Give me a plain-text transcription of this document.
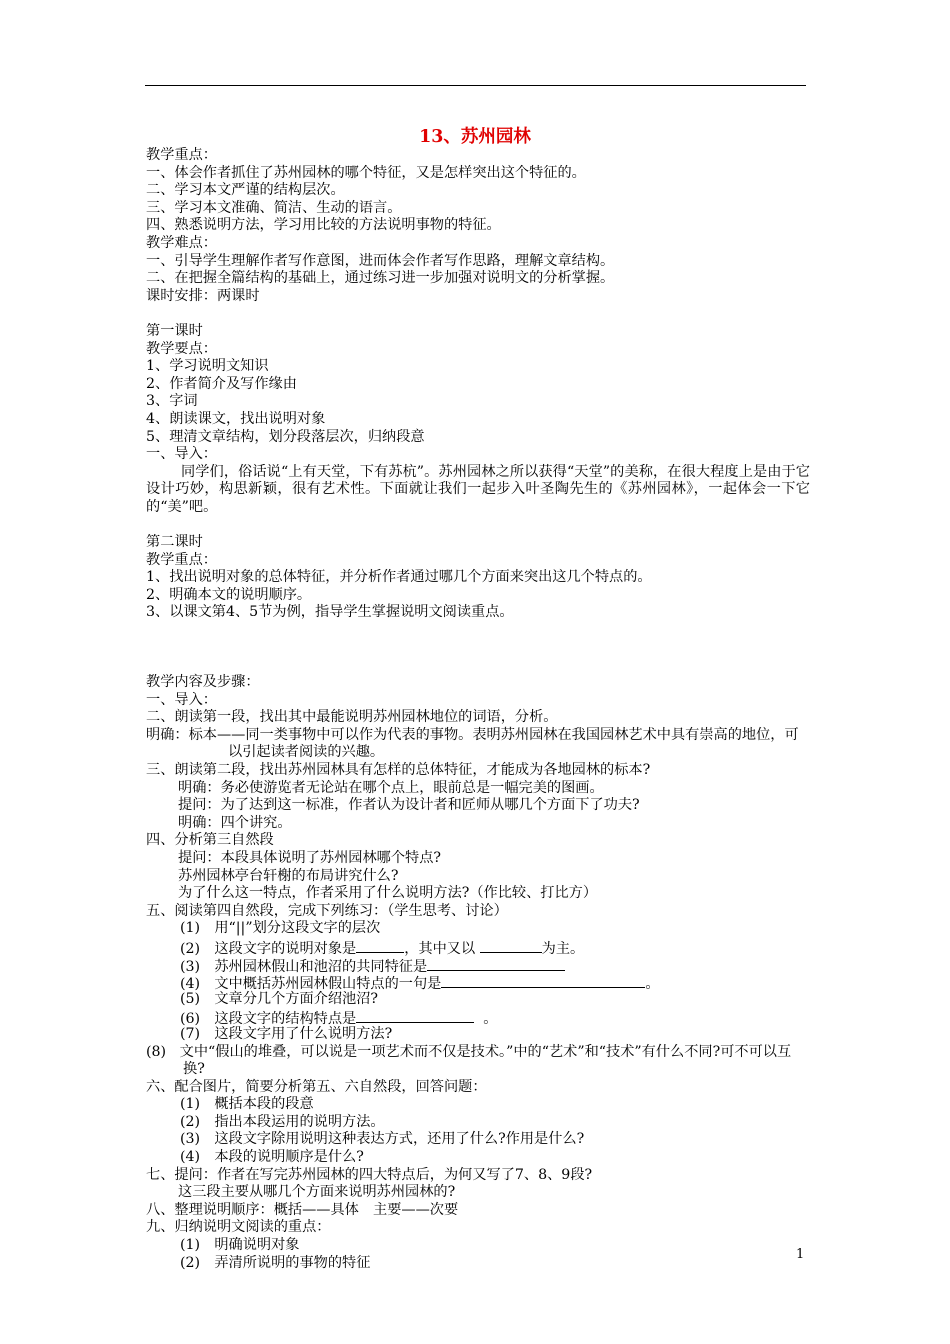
13、苏州园林
教学重点：
一、体会作者抓住了苏州园林的哪个特征，又是怎样突出这个特征的。
二、学习本文严谨的结构层次。
三、学习本文准确、简洁、生动的语言。
四、熟悉说明方法，学习用比较的方法说明事物的特征。
教学难点：
一、引导学生理解作者写作意图，进而体会作者写作思路，理解文章结构。
二、在把握全篇结构的基础上，通过练习进一步加强对说明文的分析掌握。
课时安排：两课时
第一课时
教学要点：
1、学习说明文知识
2、作者简介及写作缘由
3、字词
4、朗读课文，找出说明对象
5、理清文章结构，划分段落层次，归纳段意
一、导入：
同学们，俗话说“上有天堂，下有苏杭”。苏州园林之所以获得“天堂”的美称，在很大程度上是由于它设计巧妙，构思新颖，很有艺术性。下面就让我们一起步入叶圣陶先生的《苏州园林》，一起体会一下它的“美”吧。
第二课时
教学重点：
1、找出说明对象的总体特征，并分析作者通过哪几个方面来突出这几个特点的。
2、明确本文的说明顺序。
3、以课文第4、5节为例，指导学生掌握说明文阅读重点。
教学内容及步骤：
一、导入：
二、朗读第一段，找出其中最能说明苏州园林地位的词语，分析。
明确：标本——同一类事物中可以作为代表的事物。表明苏州园林在我国园林艺术中具有崇高的地位，可以引起读者阅读的兴趣。
三、朗读第二段，找出苏州园林具有怎样的总体特征，才能成为各地园林的标本?
明确：务必使游览者无论站在哪个点上，眼前总是一幅完美的图画。
提问：为了达到这一标准，作者认为设计者和匠师从哪几个方面下了功夫?
明确：四个讲究。
四、分析第三自然段
提问：本段具体说明了苏州园林哪个特点?
苏州园林亭台轩榭的布局讲究什么?
为了什么这一特点，作者采用了什么说明方法?（作比较、打比方）
五、阅读第四自然段，完成下列练习：（学生思考、讨论）
(1)　 用“||”划分这段文字的层次
(2)　 这段文字的说明对象是	，其中又以	为主。
(3)　 苏州园林假山和池沼的共同特征是
(4)　 文中概括苏州园林假山特点的一句是	。
(5)　 文章分几个方面介绍池沼?
(6)　 这段文字的结构特点是	。
(7)　 这段文字用了什么说明方法?
(8) 文中“假山的堆叠，可以说是一项艺术而不仅是技术。”中的“艺术”和“技术”有什么不同?可不可以互换?
六、配合图片，简要分析第五、六自然段，回答问题：
(1)　 概括本段的段意
(2)　 指出本段运用的说明方法。
(3)　 这段文字除用说明这种表达方式，还用了什么?作用是什么?
(4)　 本段的说明顺序是什么?
七、提问：作者在写完苏州园林的四大特点后，为何又写了7、8、9段?
这三段主要从哪几个方面来说明苏州园林的?
八、整理说明顺序：概括——具体　主要——次要
九、归纳说明文阅读的重点：
(1)　 明确说明对象
(2)　 弄清所说明的事物的特征
1
